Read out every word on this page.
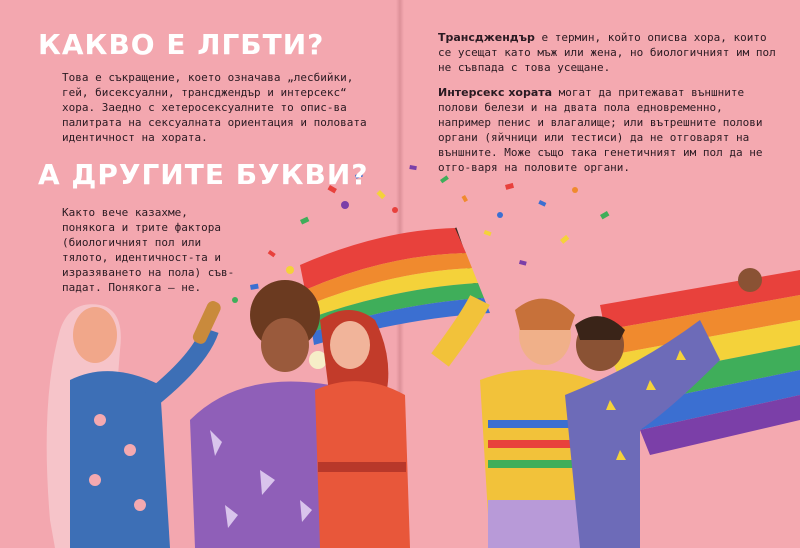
КАКВО Е ЛГБТИ?
Това е съкращение, което означава „лесбийки, гей, бисексуални, трансджендър и интерсекс“ хора. Заедно с хетеросексуалните то опис-ва палитрата на сексуалната ориентация и половата идентичност на хората.
А ДРУГИТЕ БУКВИ?
Както вече казахме, понякога и трите фактора (биологичният пол или тялото, идентичност-та и изразяването на пола) съв-падат. Понякога – не.

Трансджендър е термин, който описва хора, които се усещат като мъж или жена, но биологичният им пол не съвпада с това усещане.

Интерсекс хората могат да притежават външните полови белези и на двата пола едновременно, например пенис и влагалище; или вътрешните полови органи (яйчници или тестиси) да не отговарят на външните. Може също така генетичният им пол да не отго-варя на половите органи.
